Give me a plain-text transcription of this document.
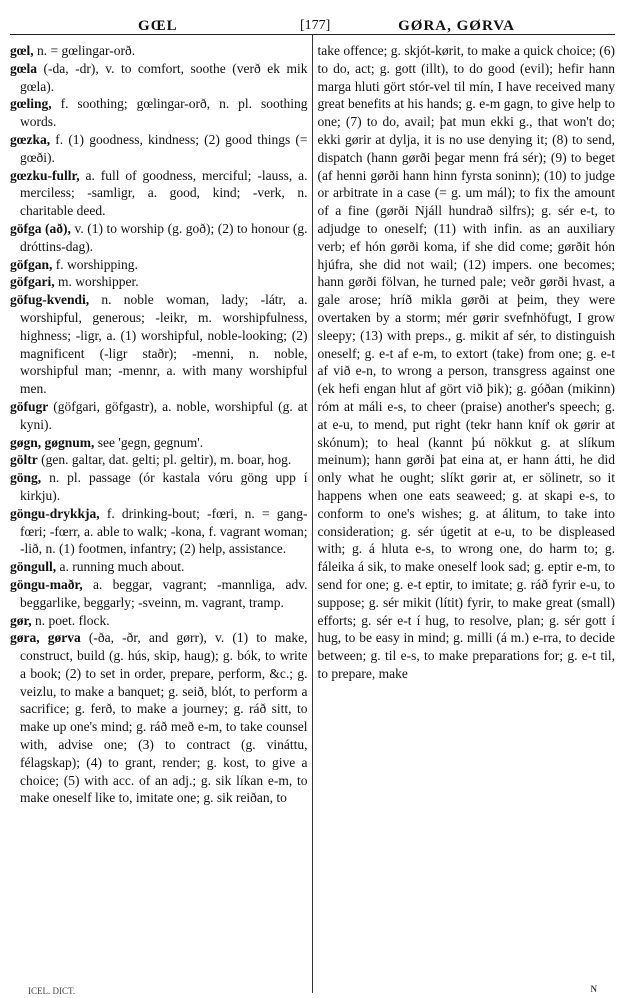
GŒL	[177]	GØRA, GØRVA

gœl, n. = gœlingar-orð.

gœla (-da, -dr), v. to comfort, soothe (verð ek mik gœla).

gœling, f. soothing; gœlingar-orð, n. pl. soothing words.

gœzka, f. (1) goodness, kindness; (2) good things (= gœði).

gœzku-fullr, a. full of goodness, merciful; -lauss, a. merciless; -samligr, a. good, kind; -verk, n. charitable deed.

göfga (að), v. (1) to worship (g. goð); (2) to honour (g. dróttins-dag).

göfgan, f. worshipping.

göfgari, m. worshipper.

göfug-kvendi, n. noble woman, lady; -látr, a. worshipful, generous; -leikr, m. worshipfulness, highness; -ligr, a. (1) worshipful, noble-looking; (2) magnificent (-ligr staðr); -menni, n. noble, worshipful man; -mennr, a. with many worshipful men.

göfugr (göfgari, göfgastr), a. noble, worshipful (g. at kyni).

gøgn, gøgnum, see 'gegn, gegnum'.

göltr (gen. galtar, dat. gelti; pl. geltir), m. boar, hog.

göng, n. pl. passage (ór kastala vóru göng upp í kirkju).

göngu-drykkja, f. drinking-bout; -fœri, n. = gang-fœri; -fœrr, a. able to walk; -kona, f. vagrant woman; -lið, n. (1) footmen, infantry; (2) help, assistance.

göngull, a. running much about.

göngu-maðr, a. beggar, vagrant; -mannliga, adv. beggarlike, beggarly; -sveinn, m. vagrant, tramp.

gør, n. poet. flock.

gøra, gørva (-ða, -ðr, and gørr), v. (1) to make, construct, build (g. hús, skip, haug); g. bók, to write a book; (2) to set in order, prepare, perform, &c.; g. veizlu, to make a banquet; g. seið, blót, to perform a sacrifice; g. ferð, to make a journey; g. ráð sitt, to make up one's mind; g. ráð með e-m, to take counsel with, advise one; (3) to contract (g. vináttu, félagskap); (4) to grant, render; g. kost, to give a choice; (5) with acc. of an adj.; g. sik líkan e-m, to make oneself like to, imitate one; g. sik reiðan, to

take offence; g. skjót-kørit, to make a quick choice; (6) to do, act; g. gott (illt), to do good (evil); hefir hann marga hluti gört stór-vel til mín, I have received many great benefits at his hands; g. e-m gagn, to give help to one; (7) to do, avail; þat mun ekki g., that won't do; ekki gørir at dylja, it is no use denying it; (8) to send, dispatch (hann gørði þegar menn frá sér); (9) to beget (af henni gørði hann hinn fyrsta soninn); (10) to judge or arbitrate in a case (= g. um mál); to fix the amount of a fine (gørði Njáll hundrað silfrs); g. sér e-t, to adjudge to oneself; (11) with infin. as an auxiliary verb; ef hón gørði koma, if she did come; gørðit hón hjúfra, she did not wail; (12) impers. one becomes; hann gørði fölvan, he turned pale; veðr gørði hvast, a gale arose; hríð mikla gørði at þeim, they were overtaken by a storm; mér gørir svefnhöfugt, I grow sleepy; (13) with preps., g. mikit af sér, to distinguish oneself; g. e-t af e-m, to extort (take) from one; g. e-t af við e-n, to wrong a person, transgress against one (ek hefi engan hlut af gört við þik); g. góðan (mikinn) róm at máli e-s, to cheer (praise) another's speech; g. at e-u, to mend, put right (tekr hann kníf ok gørir at skónum); to heal (kannt þú nökkut g. at slíkum meinum); hann gørði þat eina at, er hann átti, he did only what he ought; slíkt gørir at, er sölinetr, so it happens when one eats seaweed; g. at skapi e-s, to conform to one's wishes; g. at álitum, to take into consideration; g. sér úgetit at e-u, to be displeased with; g. á hluta e-s, to wrong one, do harm to; g. fáleika á sik, to make oneself look sad; g. eptir e-m, to send for one; g. e-t eptir, to imitate; g. ráð fyrir e-u, to suppose; g. sér mikit (lítit) fyrir, to make great (small) efforts; g. sér e-t í hug, to resolve, plan; g. sér gott í hug, to be easy in mind; g. milli (á m.) e-rra, to decide between; g. til e-s, to make preparations for; g. e-t til, to prepare, make

ICEL. DICT.	N
